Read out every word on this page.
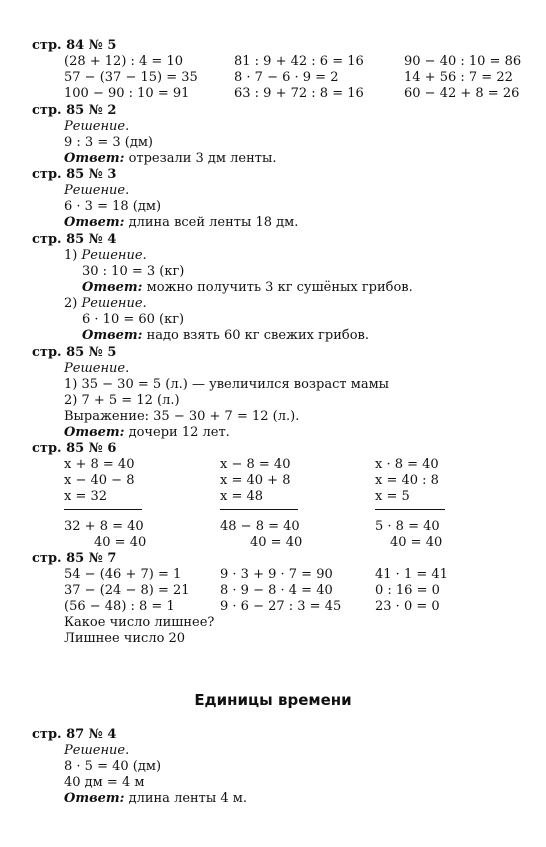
стр. 84 № 5
(28 + 12) : 4 = 10
57 − (37 − 15) = 35
100 − 90 : 10 = 91
81 : 9 + 42 : 6 = 16
8 · 7 − 6 · 9 = 2
63 : 9 + 72 : 8 = 16
90 − 40 : 10 = 86
14 + 56 : 7 = 22
60 − 42 + 8 = 26
стр. 85 № 2
Решение.
9 : 3 = 3 (дм)
Ответ: отрезали 3 дм ленты.
стр. 85 № 3
Решение.
6 · 3 = 18 (дм)
Ответ: длина всей ленты 18 дм.
стр. 85 № 4
1) Решение.
30 : 10 = 3 (кг)
Ответ: можно получить 3 кг сушёных грибов.
2) Решение.
6 · 10 = 60 (кг)
Ответ: надо взять 60 кг свежих грибов.
стр. 85 № 5
Решение.
1) 35 − 30 = 5 (л.) — увеличился возраст мамы
2) 7 + 5 = 12 (л.)
Выражение: 35 − 30 + 7 = 12 (л.).
Ответ: дочери 12 лет.
стр. 85 № 6
x + 8 = 40
x − 40 − 8
x = 32
32 + 8 = 40
40 = 40
x − 8 = 40
x = 40 + 8
x = 48
48 − 8 = 40
40 = 40
x · 8 = 40
x = 40 : 8
x = 5
5 · 8 = 40
40 = 40
стр. 85 № 7
54 − (46 + 7) = 1
37 − (24 − 8) = 21
(56 − 48) : 8 = 1
9 · 3 + 9 · 7 = 90
8 · 9 − 8 · 4 = 40
9 · 6 − 27 : 3 = 45
41 · 1 = 41
0 : 16 = 0
23 · 0 = 0
Какое число лишнее?
Лишнее число 20
Единицы времени
стр. 87 № 4
Решение.
8 · 5 = 40 (дм)
40 дм = 4 м
Ответ: длина ленты 4 м.
